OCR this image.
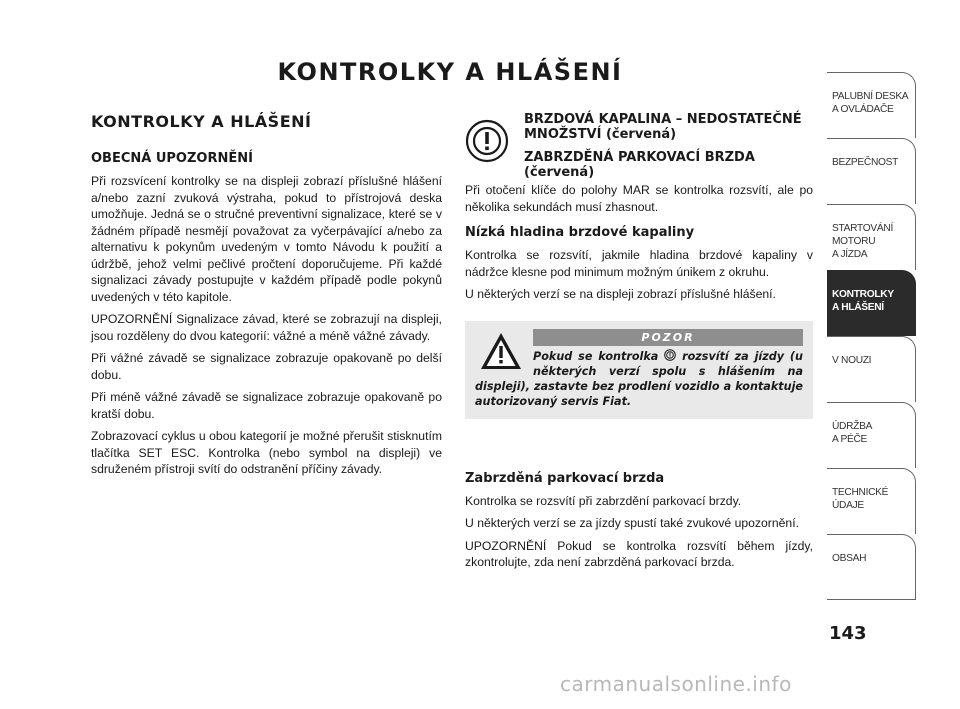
KONTROLKY A HLÁŠENÍ
KONTROLKY A HLÁŠENÍ
OBECNÁ UPOZORNĚNÍ

Při rozsvícení kontrolky se na displeji zobrazí příslušné hlášení a/nebo zazní zvuková výstraha, pokud to přístrojová deska umožňuje. Jedná se o stručné preventivní signalizace, které se v žádném případě nesmějí považovat za vyčerpávající a/nebo za alternativu k pokynům uvedeným v tomto Návodu k použití a údržbě, jehož velmi pečlivé pročtení doporučujeme. Při každé signalizaci závady postupujte v každém případě podle pokynů uvedených v této kapitole.

UPOZORNĚNÍ Signalizace závad, které se zobrazují na displeji, jsou rozděleny do dvou kategorií: vážné a méně vážné závady.

Při vážné závadě se signalizace zobrazuje opakovaně po delší dobu.

Při méně vážné závadě se signalizace zobrazuje opakovaně po kratší dobu.

Zobrazovací cyklus u obou kategorií je možné přerušit stisknutím tlačítka SET ESC. Kontrolka (nebo symbol na displeji) ve sdruženém přístroji svítí do odstranění příčiny závady.

BRZDOVÁ KAPALINA – NEDOSTATEČNÉ MNOŽSTVÍ (červená)
ZABRZDĚNÁ PARKOVACÍ BRZDA (červená)

Při otočení klíče do polohy MAR se kontrolka rozsvítí, ale po několika sekundách musí zhasnout.

Nízká hladina brzdové kapaliny

Kontrolka se rozsvítí, jakmile hladina brzdové kapaliny v nádržce klesne pod minimum možným únikem z okruhu.

U některých verzí se na displeji zobrazí příslušné hlášení.

POZOR

Pokud se kontrolka  rozsvítí za jízdy (u některých verzí spolu s hlášením na displeji), zastavte bez prodlení vozidlo a kontaktuje autorizovaný servis Fiat.

Zabrzděná parkovací brzda

Kontrolka se rozsvítí při zabrzdění parkovací brzdy.

U některých verzí se za jízdy spustí také zvukové upozornění.

UPOZORNĚNÍ Pokud se kontrolka rozsvítí během jízdy, zkontrolujte, zda není zabrzděná parkovací brzda.

PALUBNÍ DESKA
A OVLÁDAČE
BEZPEČNOST
STARTOVÁNÍ
MOTORU
A JÍZDA
KONTROLKY
A HLÁŠENÍ
V NOUZI
ÚDRŽBA
A PÉČE
TECHNICKÉ
ÚDAJE
OBSAH
143
carmanualsonline.info
